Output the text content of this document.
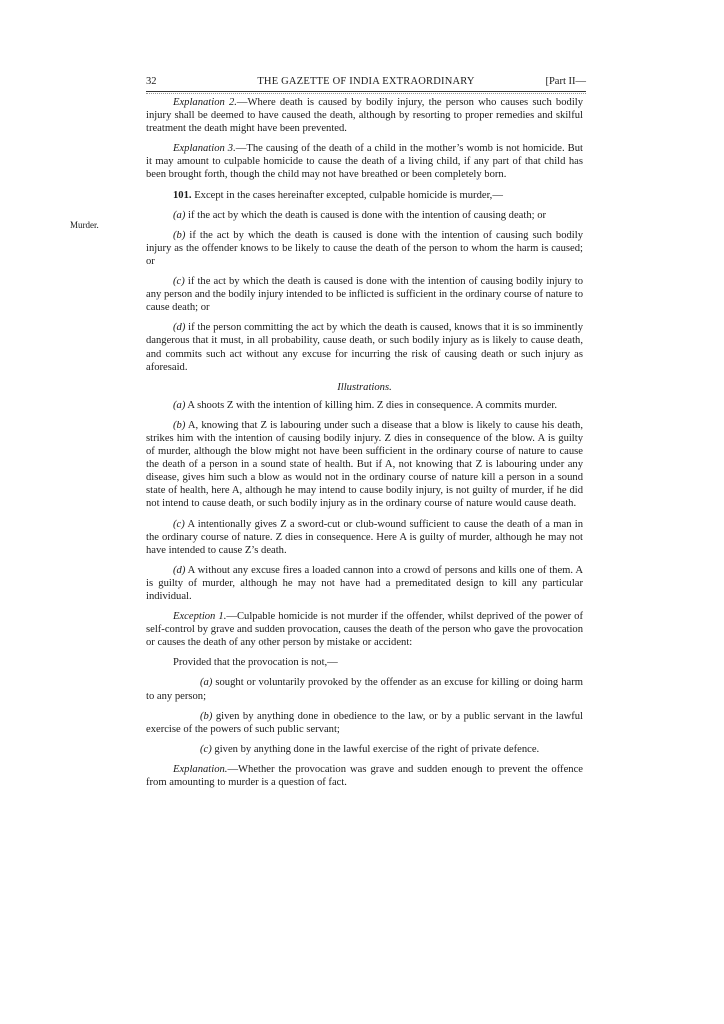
32	THE GAZETTE OF INDIA EXTRAORDINARY	[Part II—
Murder.

Explanation 2.—Where death is caused by bodily injury, the person who causes such bodily injury shall be deemed to have caused the death, although by resorting to proper remedies and skilful treatment the death might have been prevented.

Explanation 3.—The causing of the death of a child in the mother’s womb is not homicide. But it may amount to culpable homicide to cause the death of a living child, if any part of that child has been brought forth, though the child may not have breathed or been completely born.

101. Except in the cases hereinafter excepted, culpable homicide is murder,—

(a) if the act by which the death is caused is done with the intention of causing death; or

(b) if the act by which the death is caused is done with the intention of causing such bodily injury as the offender knows to be likely to cause the death of the person to whom the harm is caused; or

(c) if the act by which the death is caused is done with the intention of causing bodily injury to any person and the bodily injury intended to be inflicted is sufficient in the ordinary course of nature to cause death; or

(d) if the person committing the act by which the death is caused, knows that it is so imminently dangerous that it must, in all probability, cause death, or such bodily injury as is likely to cause death, and commits such act without any excuse for incurring the risk of causing death or such injury as aforesaid.

Illustrations.

(a) A shoots Z with the intention of killing him. Z dies in consequence. A commits murder.

(b) A, knowing that Z is labouring under such a disease that a blow is likely to cause his death, strikes him with the intention of causing bodily injury. Z dies in consequence of the blow. A is guilty of murder, although the blow might not have been sufficient in the ordinary course of nature to cause the death of a person in a sound state of health. But if A, not knowing that Z is labouring under any disease, gives him such a blow as would not in the ordinary course of nature kill a person in a sound state of health, here A, although he may intend to cause bodily injury, is not guilty of murder, if he did not intend to cause death, or such bodily injury as in the ordinary course of nature would cause death.

(c) A intentionally gives Z a sword-cut or club-wound sufficient to cause the death of a man in the ordinary course of nature. Z dies in consequence. Here A is guilty of murder, although he may not have intended to cause Z’s death.

(d) A without any excuse fires a loaded cannon into a crowd of persons and kills one of them. A is guilty of murder, although he may not have had a premeditated design to kill any particular individual.

Exception 1.—Culpable homicide is not murder if the offender, whilst deprived of the power of self-control by grave and sudden provocation, causes the death of the person who gave the provocation or causes the death of any other person by mistake or accident:

Provided that the provocation is not,—

(a) sought or voluntarily provoked by the offender as an excuse for killing or doing harm to any person;

(b) given by anything done in obedience to the law, or by a public servant in the lawful exercise of the powers of such public servant;

(c) given by anything done in the lawful exercise of the right of private defence.

Explanation.—Whether the provocation was grave and sudden enough to prevent the offence from amounting to murder is a question of fact.
